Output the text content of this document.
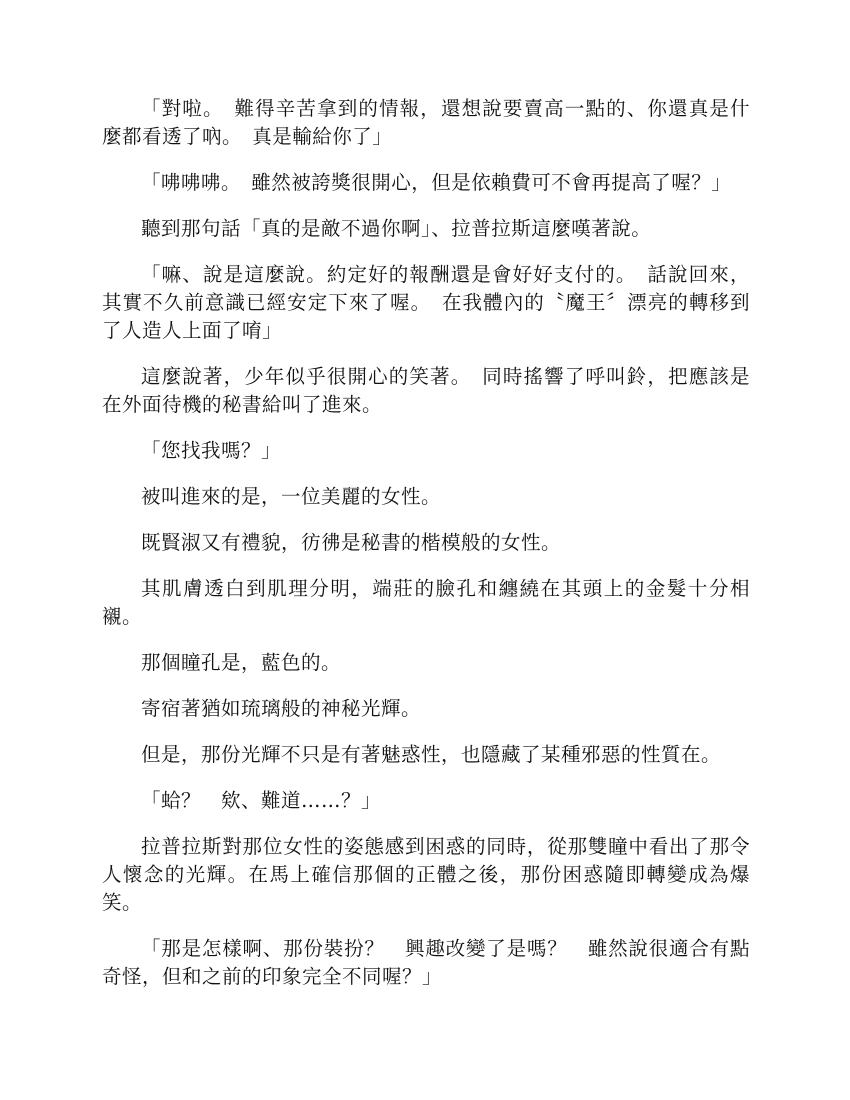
「對啦。　難得辛苦拿到的情報，還想說要賣高一點的、你還真是什麼都看透了吶。　真是輸給你了」

「咈咈咈。　雖然被誇獎很開心，但是依賴費可不會再提高了喔？」

聽到那句話「真的是敵不過你啊」、拉普拉斯這麼嘆著說。

「嘛、說是這麼說。約定好的報酬還是會好好支付的。　話說回來，其實不久前意識已經安定下來了喔。　在我體內的〝魔王〞漂亮的轉移到了人造人上面了唷」

這麼說著，少年似乎很開心的笑著。　同時搖響了呼叫鈴，把應該是在外面待機的秘書給叫了進來。

「您找我嗎？」

被叫進來的是，一位美麗的女性。

既賢淑又有禮貌，彷彿是秘書的楷模般的女性。

其肌膚透白到肌理分明，端莊的臉孔和纏繞在其頭上的金髮十分相襯。

那個瞳孔是，藍色的。

寄宿著猶如琉璃般的神秘光輝。

但是，那份光輝不只是有著魅惑性，也隱藏了某種邪惡的性質在。

「蛤？　欸、難道……？」

拉普拉斯對那位女性的姿態感到困惑的同時，從那雙瞳中看出了那令人懷念的光輝。在馬上確信那個的正體之後，那份困惑隨即轉變成為爆笑。

「那是怎樣啊、那份裝扮？　興趣改變了是嗎？　雖然說很適合有點奇怪，但和之前的印象完全不同喔？」
